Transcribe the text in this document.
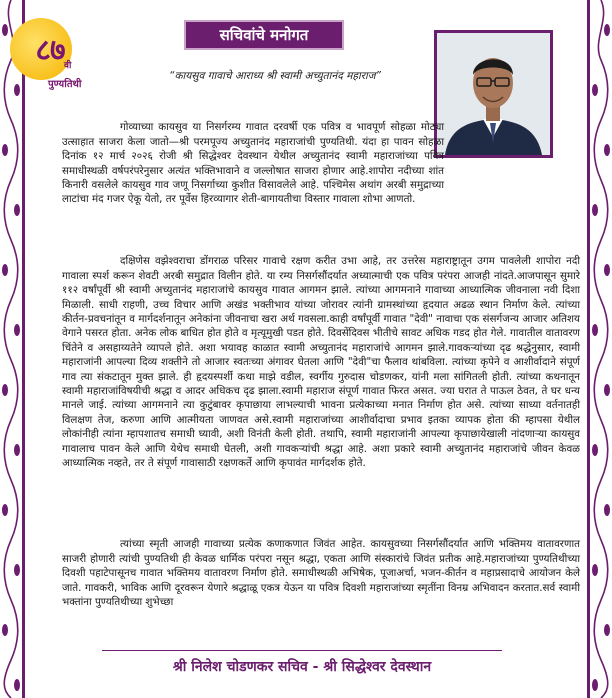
८७ वी
पुण्यतिथी
सचिवांचे मनोगत
“कायसुव गावाचे आराध्य श्री स्वामी अच्युतानंद महाराज”

गोव्याच्या कायसुव या निसर्गरम्य गावात दरवर्षी एक पवित्र व भावपूर्ण सोहळा मोठ्या उत्साहात साजरा केला जातो—श्री परमपूज्य अच्युतानंद महाराजांची पुण्यतिथी. यंदा हा पावन सोहळा दिनांक १२ मार्च २०२६ रोजी श्री सिद्धेश्वर देवस्थान येथील अच्युतानंद स्वामी महाराजांच्या पवित्र समाधीस्थळी वर्षपरंपरेनुसार अत्यंत भक्तिभावाने व जल्लोषात साजरा होणार आहे.शापोरा नदीच्या शांत किनारी वसलेले कायसुव गाव जणू निसर्गाच्या कुशीत विसावलेले आहे. पश्चिमेस अथांग अरबी समुद्राच्या लाटांचा मंद गजर ऐकू येतो, तर पूर्वेस हिरव्यागार शेती-बागायतीचा विस्तार गावाला शोभा आणतो.

दक्षिणेस वझेश्वराचा डोंगराळ परिसर गावाचे रक्षण करीत उभा आहे, तर उत्तरेस महाराष्ट्रातून उगम पावलेली शापोरा नदी गावाला स्पर्श करून शेवटी अरबी समुद्रात विलीन होते. या रम्य निसर्गसौंदर्यात अध्यात्माची एक पवित्र परंपरा आजही नांदते.आजपासून सुमारे ११२ वर्षांपूर्वी श्री स्वामी अच्युतानंद महाराजांचे कायसुव गावात आगमन झाले. त्यांच्या आगमनाने गावाच्या आध्यात्मिक जीवनाला नवी दिशा मिळाली. साधी राहणी, उच्च विचार आणि अखंड भक्तीभाव यांच्या जोरावर त्यांनी ग्रामस्थांच्या हृदयात अढळ स्थान निर्माण केले. त्यांच्या कीर्तन-प्रवचनांतून व मार्गदर्शनातून अनेकांना जीवनाचा खरा अर्थ गवसला.काही वर्षांपूर्वी गावात "देवी" नावाचा एक संसर्गजन्य आजार अतिशय वेगाने पसरत होता. अनेक लोक बाधित होत होते व मृत्यूमुखी पडत होते. दिवसेंदिवस भीतीचे सावट अधिक गडद होत गेले. गावातील वातावरण चिंतेने व असहाय्यतेने व्यापले होते. अशा भयावह काळात स्वामी अच्युतानंद महाराजांचे आगमन झाले.गावकऱ्यांच्या दृढ श्रद्धेनुसार, स्वामी महाराजांनी आपल्या दिव्य शक्तीने तो आजार स्वतःच्या अंगावर घेतला आणि "देवी"चा फैलाव थांबविला. त्यांच्या कृपेने व आशीर्वादाने संपूर्ण गाव त्या संकटातून मुक्त झाले. ही हृदयस्पर्शी कथा माझे वडील, स्वर्गीय गुरुदास चोडणकर, यांनी मला सांगितली होती. त्यांच्या कथनातून स्वामी महाराजांविषयीची श्रद्धा व आदर अधिकच दृढ झाला.स्वामी महाराज संपूर्ण गावात फिरत असत. ज्या घरात ते पाऊल ठेवत, ते घर धन्य मानले जाई. त्यांच्या आगमनाने त्या कुटुंबावर कृपाछाया लाभल्याची भावना प्रत्येकाच्या मनात निर्माण होत असे. त्यांच्या साध्या वर्तनातही विलक्षण तेज, करुणा आणि आत्मीयता जाणवत असे.स्वामी महाराजांच्या आशीर्वादाचा प्रभाव इतका व्यापक होता की म्हापसा येथील लोकांनीही त्यांना म्हापशातच समाधी घ्यावी, अशी विनंती केली होती. तथापि, स्वामी महाराजांनी आपल्या कृपाछायेखाली नांदणाऱ्या कायसुव गावालाच पावन केले आणि येथेच समाधी घेतली, अशी गावकऱ्यांची श्रद्धा आहे. अशा प्रकारे स्वामी अच्युतानंद महाराजांचे जीवन केवळ आध्यात्मिक नव्हते, तर ते संपूर्ण गावासाठी रक्षणकर्ते आणि कृपावंत मार्गदर्शक होते.

त्यांच्या स्मृती आजही गावाच्या प्रत्येक कणाकणात जिवंत आहेत. कायसुवच्या निसर्गसौंदर्यात आणि भक्तिमय वातावरणात साजरी होणारी त्यांची पुण्यतिथी ही केवळ धार्मिक परंपरा नसून श्रद्धा, एकता आणि संस्कारांचे जिवंत प्रतीक आहे.महाराजांच्या पुण्यतिथीच्या दिवशी पहाटेपासूनच गावात भक्तिमय वातावरण निर्माण होते. समाधीस्थळी अभिषेक, पूजाअर्चा, भजन-कीर्तन व महाप्रसादाचे आयोजन केले जाते. गावकरी, भाविक आणि दूरवरून येणारे श्रद्धाळू एकत्र येऊन या पवित्र दिवशी महाराजांच्या स्मृतींना विनम्र अभिवादन करतात.सर्व स्वामी भक्तांना पुण्यतिथीच्या शुभेच्छा

श्री निलेश चोडणकर सचिव - श्री सिद्धेश्वर देवस्थान
